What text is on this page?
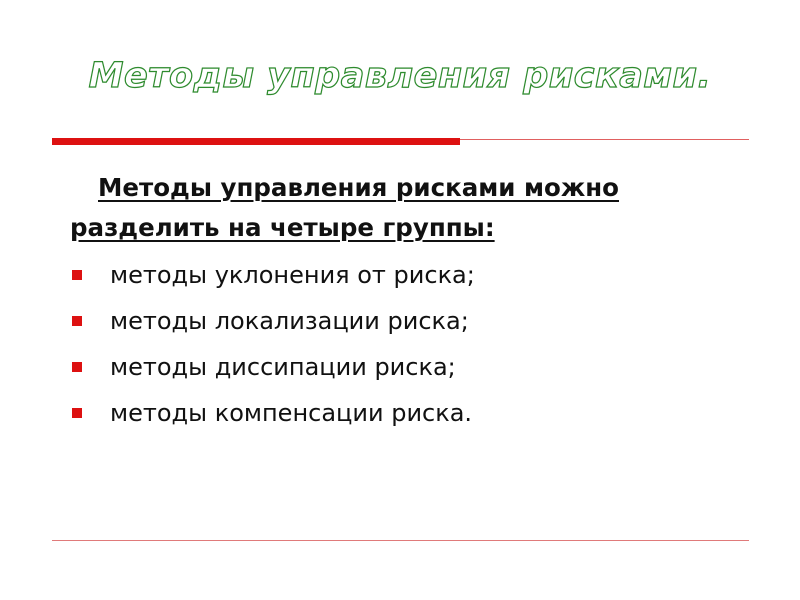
Методы управления рисками.
Методы управления рисками можно
разделить на четыре группы:
методы уклонения от риска;
методы локализации риска;
методы диссипации риска;
методы компенсации риска.
